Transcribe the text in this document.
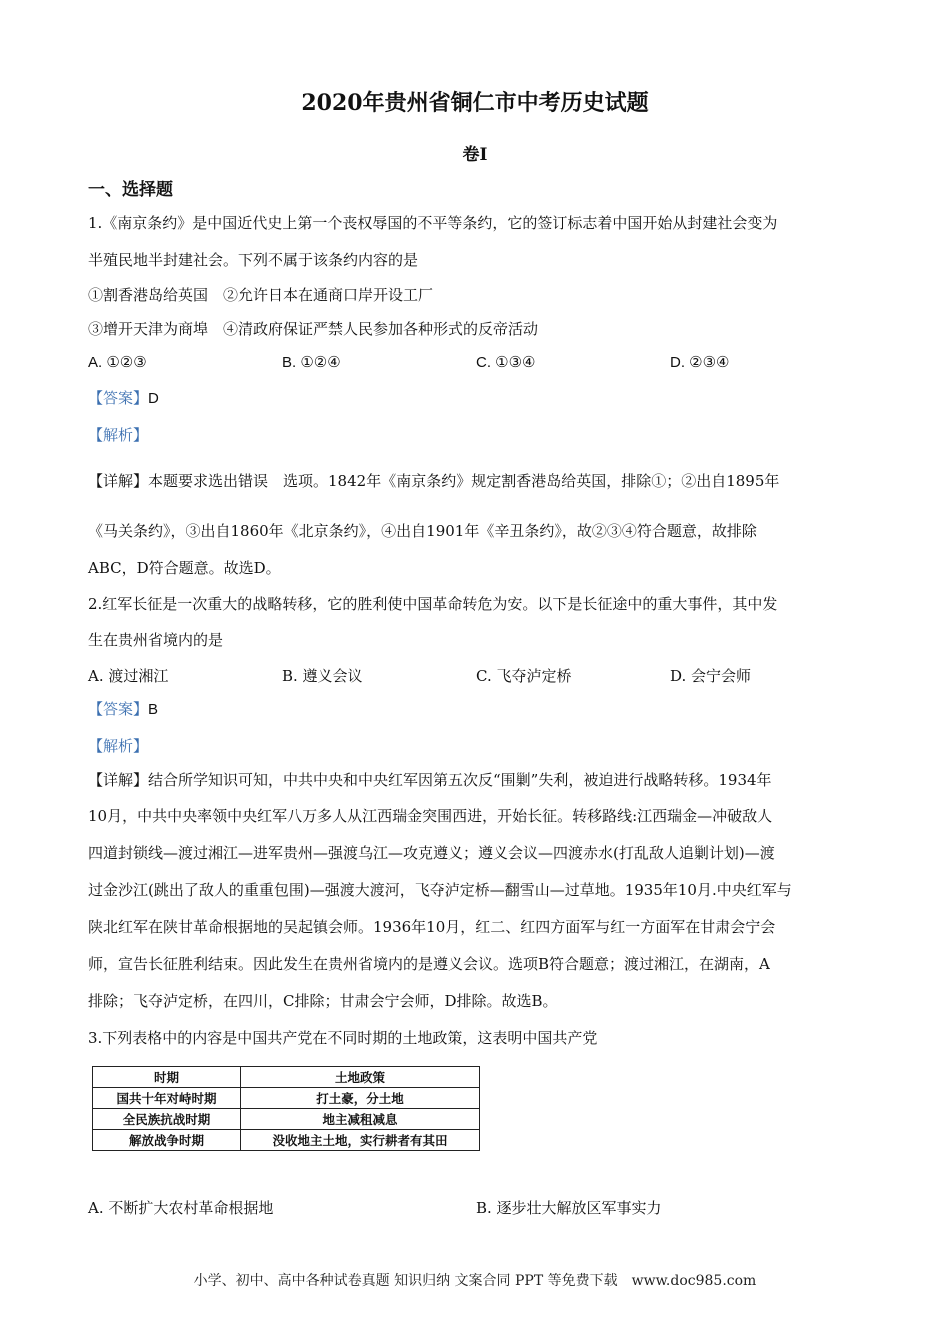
2020年贵州省铜仁市中考历史试题
卷Ⅰ
一、选择题
1.《南京条约》是中国近代史上第一个丧权辱国的不平等条约，它的签订标志着中国开始从封建社会变为
半殖民地半封建社会。下列不属于该条约内容的是
①割香港岛给英国　②允许日本在通商口岸开设工厂
③增开天津为商埠　④清政府保证严禁人民参加各种形式的反帝活动
A. ①②③	B. ①②④	C. ①③④	D. ②③④
【答案】D
【解析】
【详解】本题要求选出错误　选项。1842年《南京条约》规定割香港岛给英国，排除①；②出自1895年
《马关条约》，③出自1860年《北京条约》，④出自1901年《辛丑条约》，故②③④符合题意，故排除
ABC，D符合题意。故选D。
2.红军长征是一次重大的战略转移，它的胜利使中国革命转危为安。以下是长征途中的重大事件，其中发
生在贵州省境内的是
A. 渡过湘江	B. 遵义会议	C. 飞夺泸定桥	D. 会宁会师
【答案】B
【解析】
【详解】结合所学知识可知，中共中央和中央红军因第五次反“围剿”失利，被迫进行战略转移。1934年
10月，中共中央率领中央红军八万多人从江西瑞金突围西进，开始长征。转移路线:江西瑞金—冲破敌人
四道封锁线—渡过湘江—进军贵州—强渡乌江—攻克遵义；遵义会议—四渡赤水(打乱敌人追剿计划)—渡
过金沙江(跳出了敌人的重重包围)—强渡大渡河，飞夺泸定桥—翻雪山—过草地。1935年10月.中央红军与
陕北红军在陕甘革命根据地的吴起镇会师。1936年10月，红二、红四方面军与红一方面军在甘肃会宁会
师，宣告长征胜利结束。因此发生在贵州省境内的是遵义会议。选项B符合题意；渡过湘江，在湖南，A
排除；飞夺泸定桥，在四川，C排除；甘肃会宁会师，D排除。故选B。
3.下列表格中的内容是中国共产党在不同时期的土地政策，这表明中国共产党
时期	土地政策
国共十年对峙时期	打土豪，分土地
全民族抗战时期	地主减租减息
解放战争时期	没收地主土地，实行耕者有其田
A. 不断扩大农村革命根据地	B. 逐步壮大解放区军事实力
小学、初中、高中各种试卷真题 知识归纳 文案合同 PPT 等免费下载　www.doc985.com
